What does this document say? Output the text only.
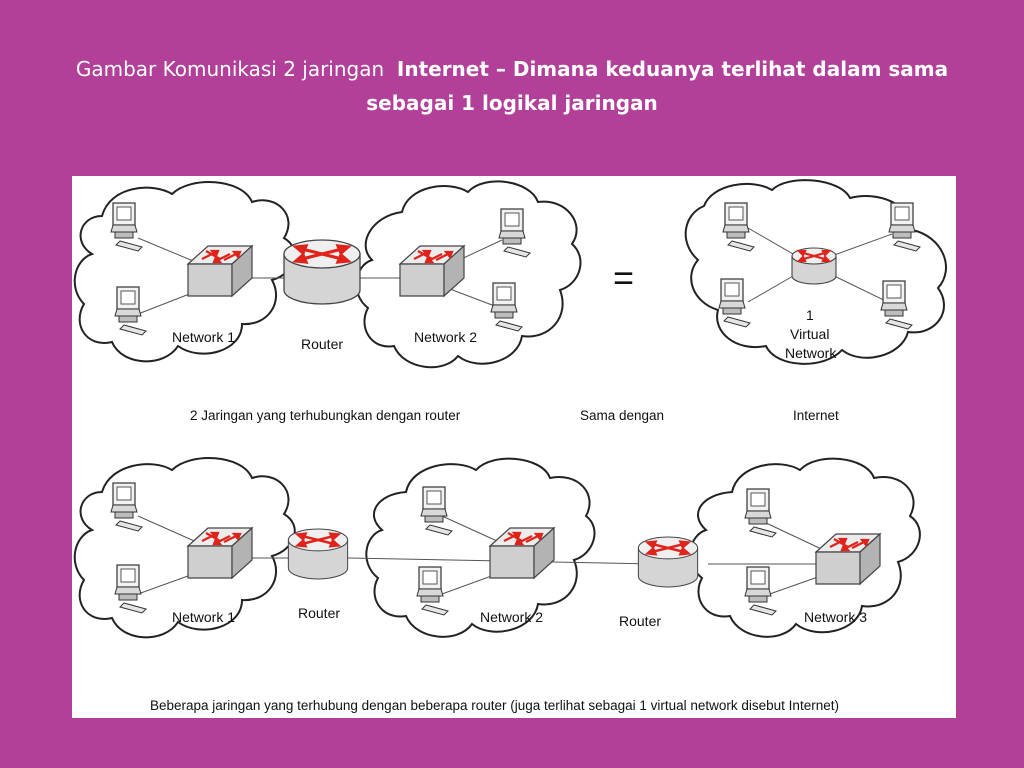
Gambar Komunikasi 2 jaringan Internet – Dimana keduanya terlihat dalam sama
sebagai 1 logikal jaringan
Network 1	Router	Network 2
=
1
Virtual
Network
2 Jaringan yang terhubungkan dengan router	Sama dengan	Internet
Network 1	Router	Network 2	Router	Network 3
Beberapa jaringan yang terhubung dengan beberapa router (juga terlihat sebagai 1 virtual network disebut Internet)
